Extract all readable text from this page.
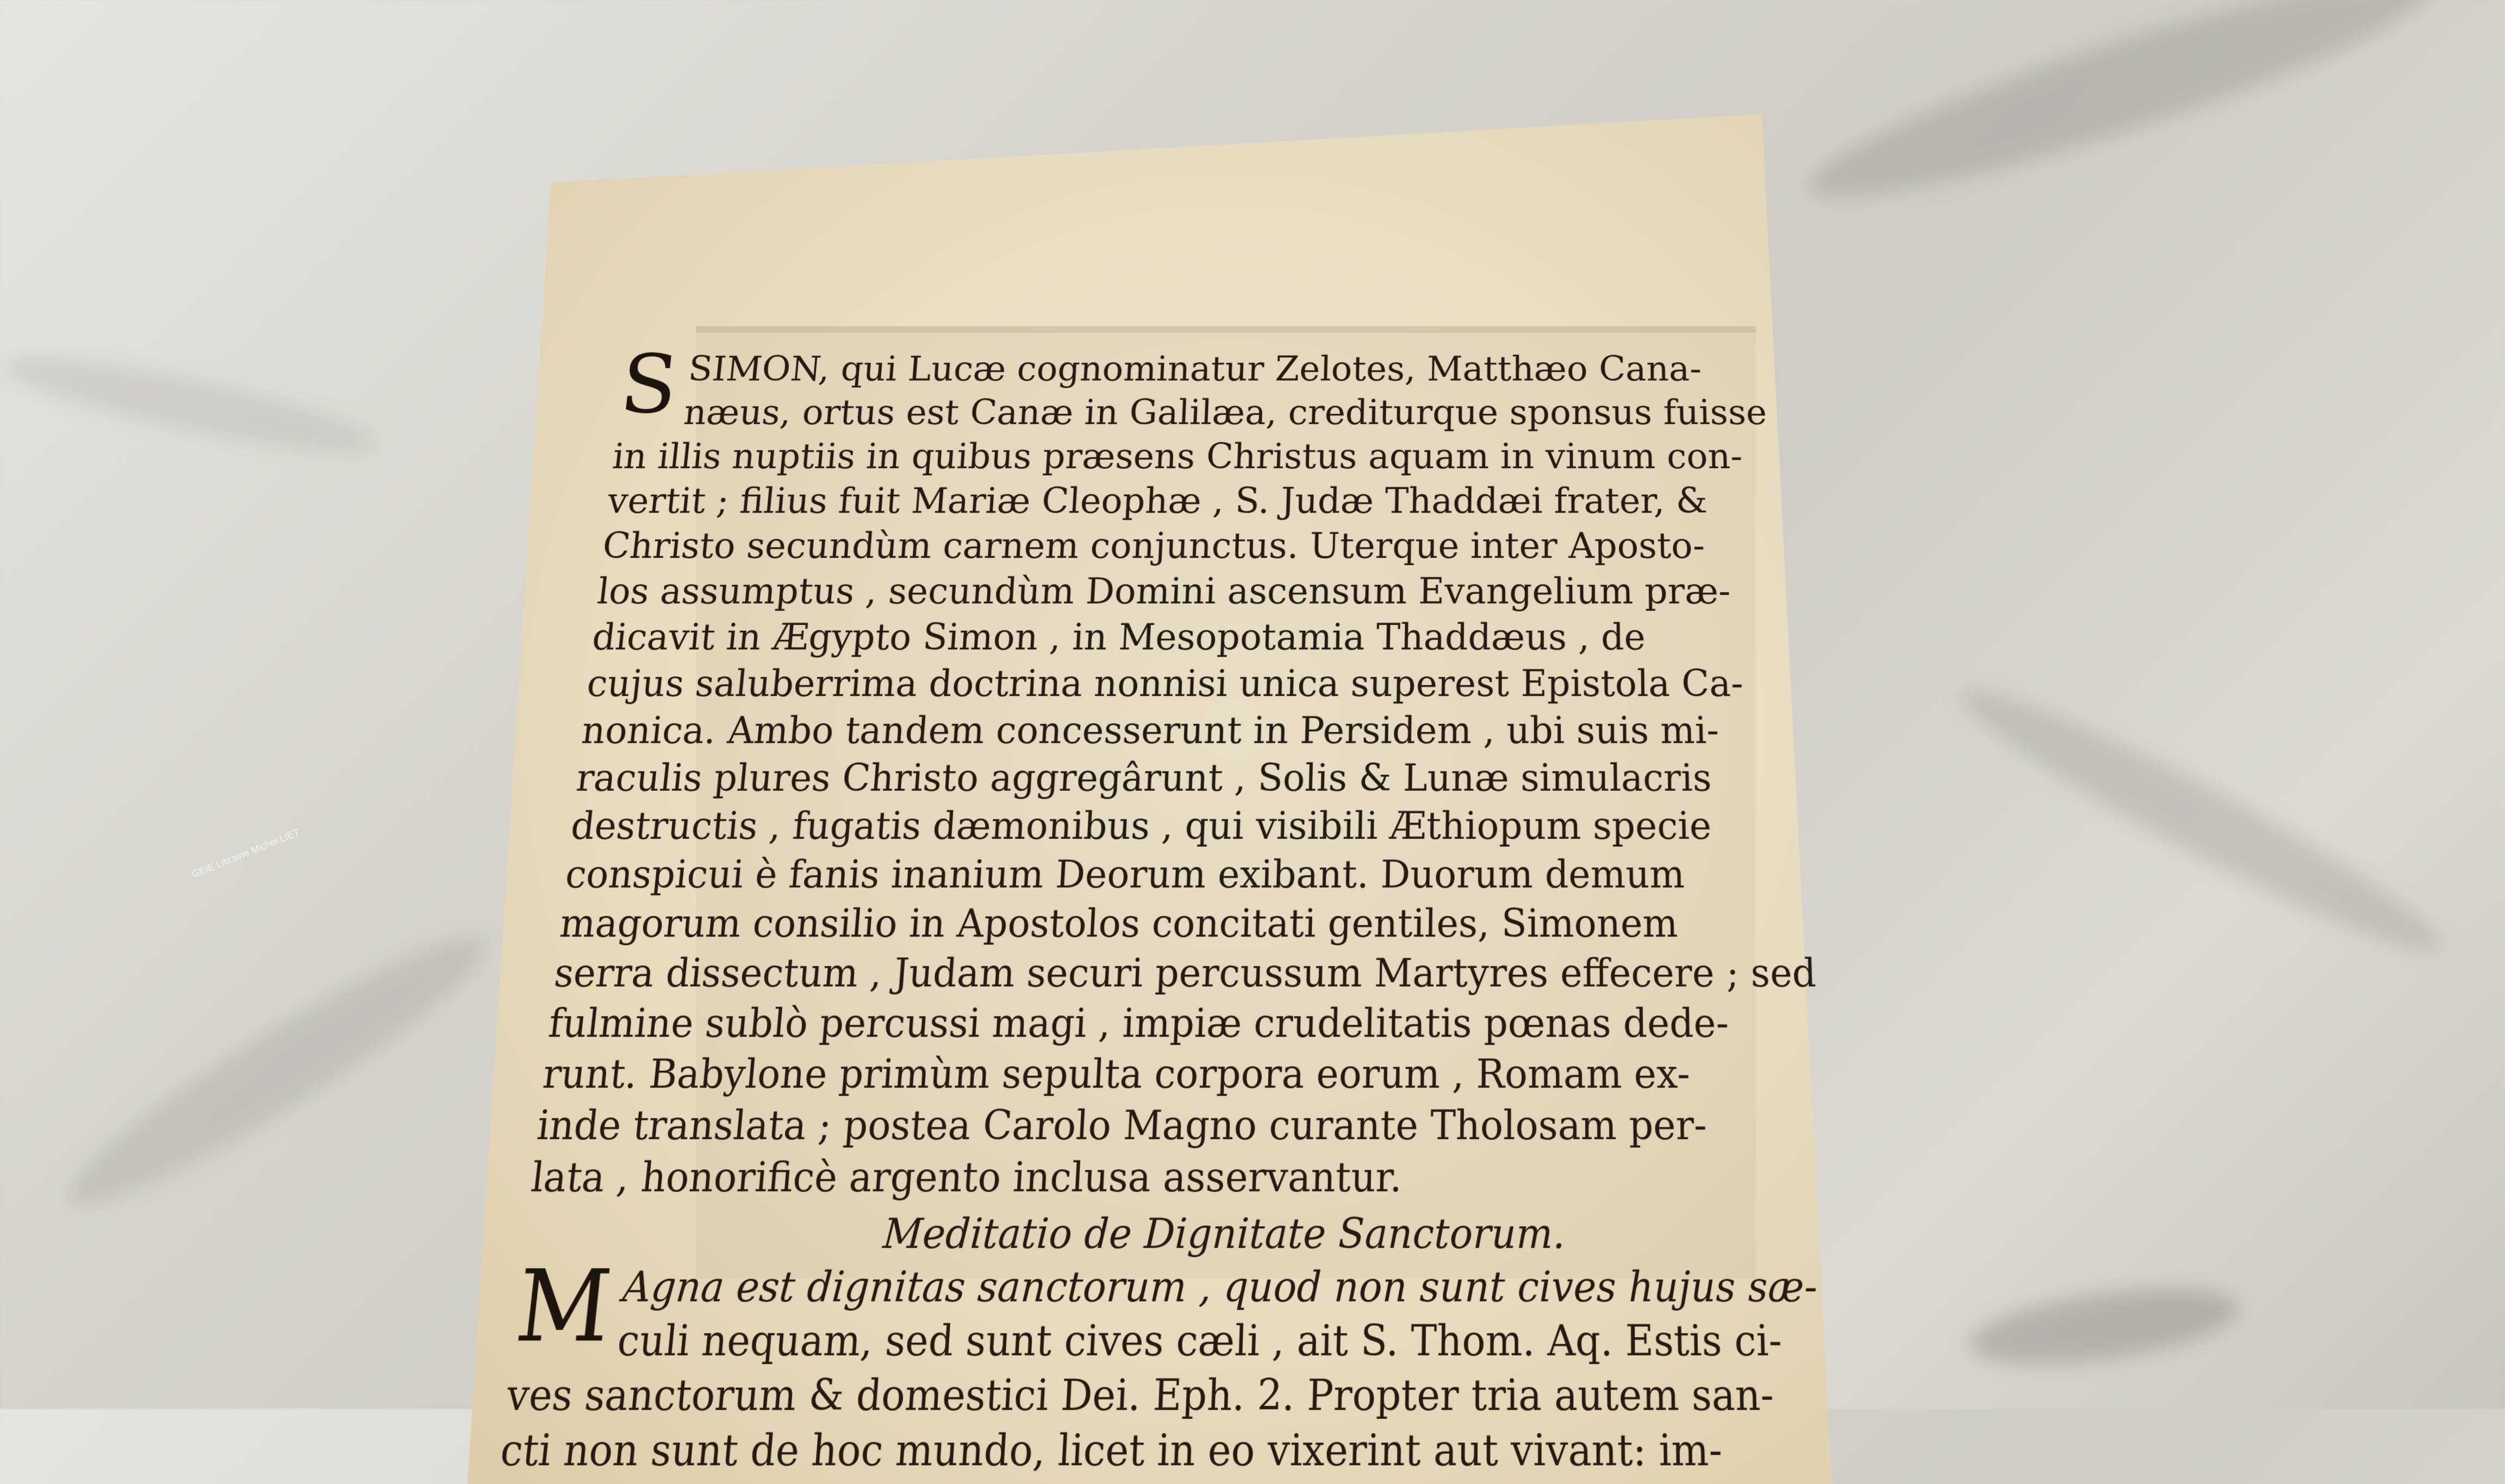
GEIE Librairie Michel LIET
S SIMON, qui Lucæ cognominatur Zelotes, Matthæo Cana-
næus, ortus est Canæ in Galilæa, crediturque sponsus fuisse
in illis nuptiis in quibus præsens Christus aquam in vinum con-
vertit ; filius fuit Mariæ Cleophæ , S. Judæ Thaddæi frater, &
Christo secundùm carnem conjunctus. Uterque inter Aposto-
los assumptus , secundùm Domini ascensum Evangelium præ-
dicavit in Ægypto Simon , in Mesopotamia Thaddæus , de
cujus saluberrima doctrina nonnisi unica superest Epistola Ca-
nonica. Ambo tandem concesserunt in Persidem , ubi suis mi-
raculis plures Christo aggregârunt , Solis & Lunæ simulacris
destructis , fugatis dæmonibus , qui visibili Æthiopum specie
conspicui è fanis inanium Deorum exibant. Duorum demum
magorum consilio in Apostolos concitati gentiles, Simonem
serra dissectum , Judam securi percussum Martyres effecere ; sed
fulmine sublò percussi magi , impiæ crudelitatis pœnas dede-
runt. Babylone primùm sepulta corpora eorum , Romam ex-
inde translata ; postea Carolo Magno curante Tholosam per-
lata , honorificè argento inclusa asservantur.
Meditatio de Dignitate Sanctorum.
M Agna est dignitas sanctorum , quod non sunt cives hujus sæ-
culi nequam, sed sunt cives cæli , ait S. Thom. Aq. Estis ci-
ves sanctorum & domestici Dei. Eph. 2. Propter tria autem san-
cti non sunt de hoc mundo, licet in eo vixerint aut vivant: im-
